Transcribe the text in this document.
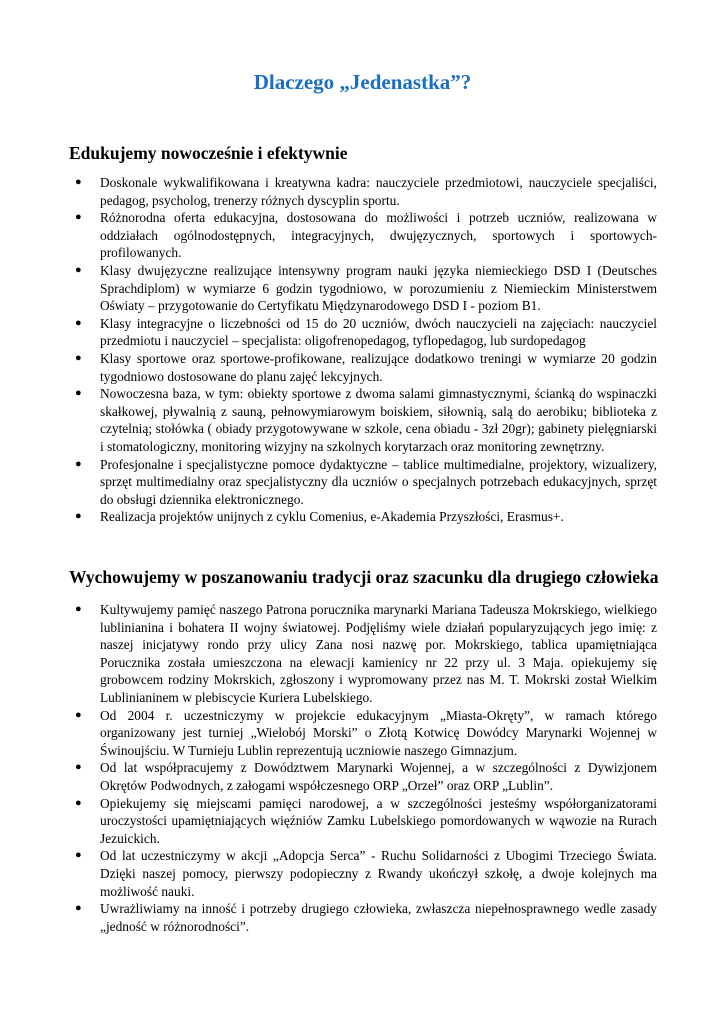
Dlaczego „Jedenastka”?
Edukujemy nowocześnie i efektywnie
● Doskonale wykwalifikowana i kreatywna kadra: nauczyciele przedmiotowi, nauczyciele specjaliści, pedagog, psycholog, trenerzy różnych dyscyplin sportu.
● Różnorodna oferta edukacyjna, dostosowana do możliwości i potrzeb uczniów, realizowana w oddziałach ogólnodostępnych, integracyjnych, dwujęzycznych, sportowych i sportowych-profilowanych.
● Klasy dwujęzyczne realizujące intensywny program nauki języka niemieckiego DSD I (Deutsches Sprachdiplom) w wymiarze 6 godzin tygodniowo, w porozumieniu z Niemieckim Ministerstwem Oświaty – przygotowanie do Certyfikatu Międzynarodowego DSD I - poziom B1.
● Klasy integracyjne o liczebności od 15 do 20 uczniów, dwóch nauczycieli na zajęciach: nauczyciel przedmiotu i nauczyciel – specjalista: oligofrenopedagog, tyflopedagog, lub surdopedagog
● Klasy sportowe oraz sportowe-profikowane, realizujące dodatkowo treningi w wymiarze 20 godzin tygodniowo dostosowane do planu zajęć lekcyjnych.
● Nowoczesna baza, w tym: obiekty sportowe z dwoma salami gimnastycznymi, ścianką do wspinaczki skałkowej, pływalnią z sauną, pełnowymiarowym boiskiem, siłownią, salą do aerobiku; biblioteka z czytelnią; stołówka ( obiady przygotowywane w szkole, cena obiadu - 3zł 20gr); gabinety pielęgniarski i stomatologiczny, monitoring wizyjny na szkolnych korytarzach oraz monitoring zewnętrzny.
● Profesjonalne i specjalistyczne pomoce dydaktyczne – tablice multimedialne, projektory, wizualizery, sprzęt multimedialny oraz specjalistyczny dla uczniów o specjalnych potrzebach edukacyjnych, sprzęt do obsługi dziennika elektronicznego.
● Realizacja projektów unijnych z cyklu Comenius, e-Akademia Przyszłości, Erasmus+.
Wychowujemy w poszanowaniu tradycji oraz szacunku dla drugiego człowieka
● Kultywujemy pamięć naszego Patrona porucznika marynarki Mariana Tadeusza Mokrskiego, wielkiego lublinianina i bohatera II wojny światowej. Podjęliśmy wiele działań popularyzujących jego imię: z naszej inicjatywy rondo przy ulicy Zana nosi nazwę por. Mokrskiego, tablica upamiętniająca Porucznika została umieszczona na elewacji kamienicy nr 22 przy ul. 3 Maja. opiekujemy się grobowcem rodziny Mokrskich, zgłoszony i wypromowany przez nas M. T. Mokrski został Wielkim Lublinianinem w plebiscycie Kuriera Lubelskiego.
● Od 2004 r. uczestniczymy w projekcie edukacyjnym „Miasta-Okręty”, w ramach którego organizowany jest turniej „Wielobój Morski” o Złotą Kotwicę Dowódcy Marynarki Wojennej w Świnoujściu. W Turnieju Lublin reprezentują uczniowie naszego Gimnazjum.
● Od lat współpracujemy z Dowództwem Marynarki Wojennej, a w szczególności z Dywizjonem Okrętów Podwodnych, z załogami współczesnego ORP „Orzeł” oraz ORP „Lublin”.
● Opiekujemy się miejscami pamięci narodowej, a w szczególności jesteśmy współorganizatorami uroczystości upamiętniających więźniów Zamku Lubelskiego pomordowanych w wąwozie na Rurach Jezuickich.
● Od lat uczestniczymy w akcji „Adopcja Serca” - Ruchu Solidarności z Ubogimi Trzeciego Świata. Dzięki naszej pomocy, pierwszy podopieczny z Rwandy ukończył szkołę, a dwoje kolejnych ma możliwość nauki.
● Uwrażliwiamy na inność i potrzeby drugiego człowieka, zwłaszcza niepełnosprawnego wedle zasady „jedność w różnorodności”.
